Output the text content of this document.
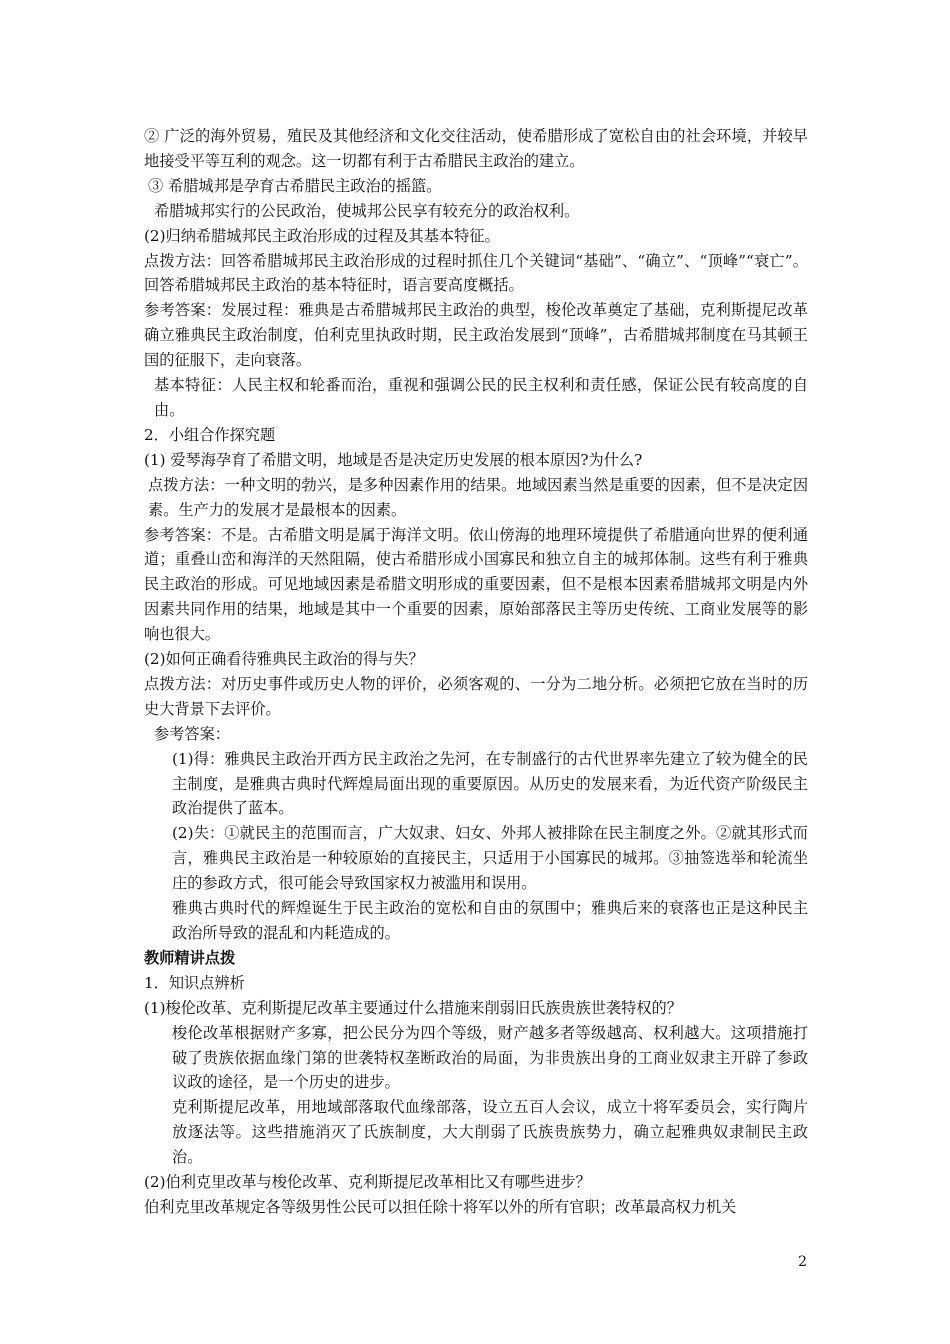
② 广泛的海外贸易，殖民及其他经济和文化交往活动，使希腊形成了宽松自由的社会环境，并较早地接受平等互利的观念。这一切都有利于古希腊民主政治的建立。

③ 希腊城邦是孕育古希腊民主政治的摇篮。

希腊城邦实行的公民政治，使城邦公民享有较充分的政治权利。

(2)归纳希腊城邦民主政治形成的过程及其基本特征。

点拨方法：回答希腊城邦民主政治形成的过程时抓住几个关键词“基础”、“确立”、“顶峰”“衰亡”。 回答希腊城邦民主政治的基本特征时，语言要高度概括。

参考答案：发展过程：雅典是古希腊城邦民主政治的典型，梭伦改革奠定了基础，克利斯提尼改革确立雅典民主政治制度，伯利克里执政时期，民主政治发展到“顶峰”，古希腊城邦制度在马其顿王国的征服下，走向衰落。

基本特征：人民主权和轮番而治，重视和强调公民的民主权利和责任感，保证公民有较高度的自由。

2．小组合作探究题

(1) 爱琴海孕育了希腊文明，地域是否是决定历史发展的根本原因?为什么?

点拨方法：一种文明的勃兴，是多种因素作用的结果。地域因素当然是重要的因素，但不是决定因素。生产力的发展才是最根本的因素。

参考答案：不是。古希腊文明是属于海洋文明。依山傍海的地理环境提供了希腊通向世界的便利通道；重叠山峦和海洋的天然阻隔，使古希腊形成小国寡民和独立自主的城邦体制。这些有利于雅典民主政治的形成。可见地域因素是希腊文明形成的重要因素，但不是根本因素希腊城邦文明是内外因素共同作用的结果，地域是其中一个重要的因素，原始部落民主等历史传统、工商业发展等的影响也很大。

(2)如何正确看待雅典民主政治的得与失？

点拨方法：对历史事件或历史人物的评价，必须客观的、一分为二地分析。必须把它放在当时的历史大背景下去评价。

参考答案：

(1)得：雅典民主政治开西方民主政治之先河，在专制盛行的古代世界率先建立了较为健全的民主制度，是雅典古典时代辉煌局面出现的重要原因。从历史的发展来看，为近代资产阶级民主政治提供了蓝本。

(2)失：①就民主的范围而言，广大奴隶、妇女、外邦人被排除在民主制度之外。②就其形式而言，雅典民主政治是一种较原始的直接民主，只适用于小国寡民的城邦。③抽签选举和轮流坐庄的参政方式，很可能会导致国家权力被滥用和误用。

雅典古典时代的辉煌诞生于民主政治的宽松和自由的氛围中；雅典后来的衰落也正是这种民主政治所导致的混乱和内耗造成的。

教师精讲点拨

1．知识点辨析

(1)梭伦改革、克利斯提尼改革主要通过什么措施来削弱旧氏族贵族世袭特权的？

梭伦改革根据财产多寡，把公民分为四个等级，财产越多者等级越高、权利越大。这项措施打破了贵族依据血缘门第的世袭特权垄断政治的局面，为非贵族出身的工商业奴隶主开辟了参政议政的途径，是一个历史的进步。

克利斯提尼改革，用地域部落取代血缘部落，设立五百人会议，成立十将军委员会，实行陶片放逐法等。这些措施消灭了氏族制度，大大削弱了氏族贵族势力，确立起雅典奴隶制民主政治。

(2)伯利克里改革与梭伦改革、克利斯提尼改革相比又有哪些进步？

伯利克里改革规定各等级男性公民可以担任除十将军以外的所有官职；改革最高权力机关

2
